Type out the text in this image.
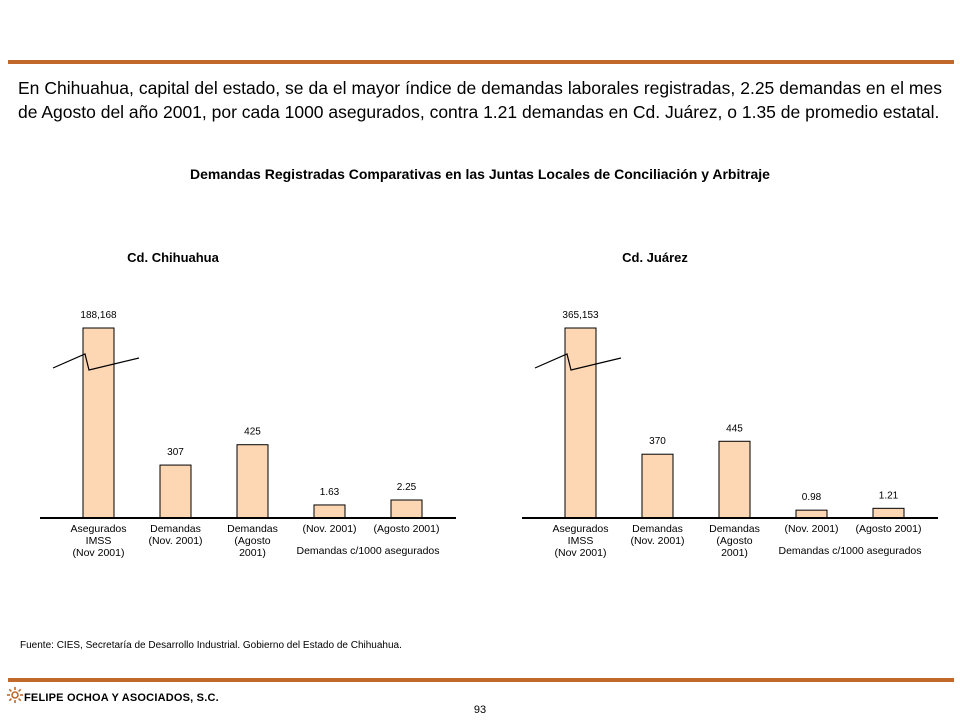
En Chihuahua, capital del estado, se da el mayor índice de demandas laborales registradas, 2.25 demandas en el mes de Agosto del año 2001, por cada 1000 asegurados, contra 1.21 demandas en Cd. Juárez, o 1.35 de promedio estatal.

Demandas Registradas Comparativas en las Juntas Locales de Conciliación y Arbitraje
Cd. Chihuahua
188,168
Asegurados IMSS (Nov 2001)
307
Demandas (Nov. 2001)
425
Demandas (Agosto 2001)
1.63
(Nov. 2001)
2.25
(Agosto 2001)
Demandas c/1000 asegurados
Cd. Juárez
365,153
Asegurados IMSS (Nov 2001)
370
Demandas (Nov. 2001)
445
Demandas (Agosto 2001)
0.98
(Nov. 2001)
1.21
(Agosto 2001)
Demandas c/1000 asegurados
Fuente: CIES, Secretaría de Desarrollo Industrial. Gobierno del Estado de Chihuahua.
FELIPE OCHOA Y ASOCIADOS, S.C.
93
